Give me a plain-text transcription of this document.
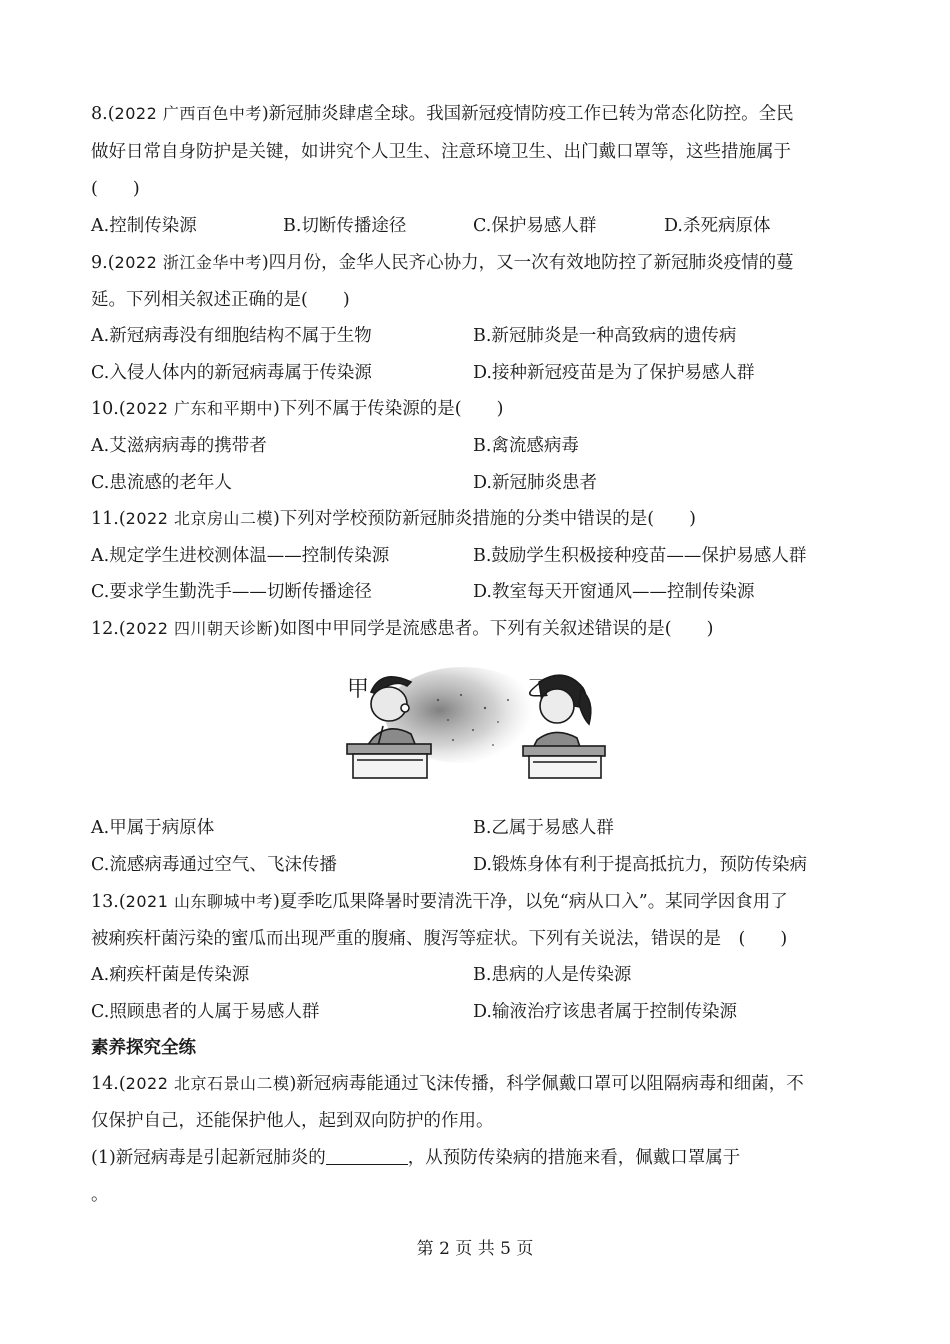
8.(2022 广西百色中考)新冠肺炎肆虐全球。我国新冠疫情防疫工作已转为常态化防控。全民
做好日常自身防护是关键，如讲究个人卫生、注意环境卫生、出门戴口罩等，这些措施属于
(　　)
A.控制传染源	B.切断传播途径	C.保护易感人群	D.杀死病原体
9.(2022 浙江金华中考)四月份，金华人民齐心协力，又一次有效地防控了新冠肺炎疫情的蔓
延。下列相关叙述正确的是(　　)
A.新冠病毒没有细胞结构不属于生物	B.新冠肺炎是一种高致病的遗传病
C.入侵人体内的新冠病毒属于传染源	D.接种新冠疫苗是为了保护易感人群
10.(2022 广东和平期中)下列不属于传染源的是(　　)
A.艾滋病病毒的携带者	B.禽流感病毒
C.患流感的老年人	D.新冠肺炎患者
11.(2022 北京房山二模)下列对学校预防新冠肺炎措施的分类中错误的是(　　)
A.规定学生进校测体温——控制传染源	B.鼓励学生积极接种疫苗——保护易感人群
C.要求学生勤洗手——切断传播途径	D.教室每天开窗通风——控制传染源
12.(2022 四川朝天诊断)如图中甲同学是流感患者。下列有关叙述错误的是(　　)
甲	乙
A.甲属于病原体	B.乙属于易感人群
C.流感病毒通过空气、飞沫传播	D.锻炼身体有利于提高抵抗力，预防传染病
13.(2021 山东聊城中考)夏季吃瓜果降暑时要清洗干净，以免“病从口入”。某同学因食用了
被痢疾杆菌污染的蜜瓜而出现严重的腹痛、腹泻等症状。下列有关说法，错误的是　(　　)
A.痢疾杆菌是传染源	B.患病的人是传染源
C.照顾患者的人属于易感人群	D.输液治疗该患者属于控制传染源
素养探究全练
14.(2022 北京石景山二模)新冠病毒能通过飞沫传播，科学佩戴口罩可以阻隔病毒和细菌，不
仅保护自己，还能保护他人，起到双向防护的作用。
(1)新冠病毒是引起新冠肺炎的	，从预防传染病的措施来看，佩戴口罩属于
。
第 2 页 共 5 页
